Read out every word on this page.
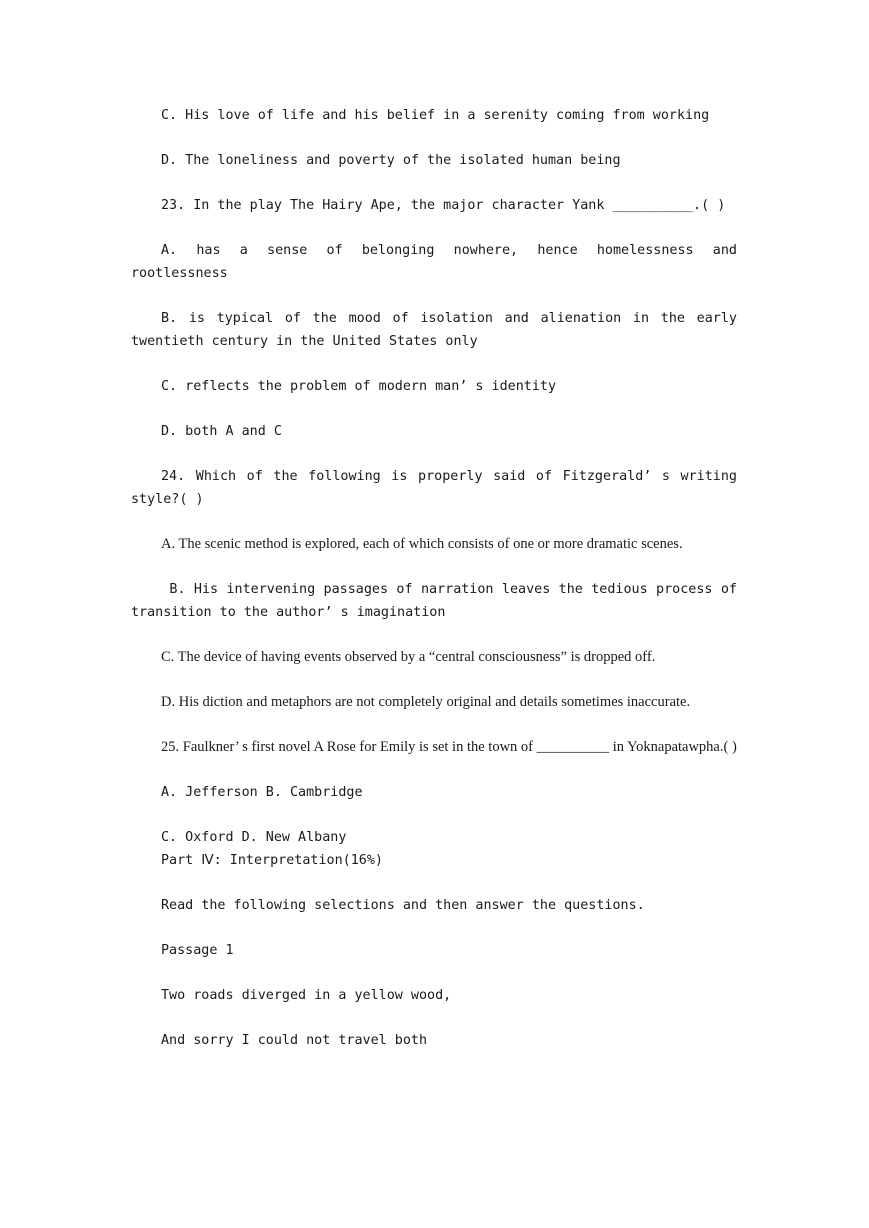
C. His love of life and his belief in a serenity coming from working

D. The loneliness and poverty of the isolated human being

23. In the play The Hairy Ape, the major character Yank __________.( )

A. has a sense of belonging nowhere, hence homelessness and rootlessness

B. is typical of the mood of isolation and alienation in the early twentieth century in the United States only

C. reflects the problem of modern man’ s identity

D. both A and C

24. Which of the following is properly said of Fitzgerald’ s writing style?( )

A. The scenic method is explored, each of which consists of one or more dramatic scenes.

B. His intervening passages of narration leaves the tedious process of transition to the author’ s imagination

C. The device of having events observed by a “central consciousness” is dropped off.

D. His diction and metaphors are not completely original and details sometimes inaccurate.

25. Faulkner’ s first novel A Rose for Emily is set in the town of __________ in Yoknapatawpha.( )

A. Jefferson B. Cambridge

C. Oxford D. New Albany

Part Ⅳ: Interpretation(16%)

Read the following selections and then answer the questions.

Passage 1

Two roads diverged in a yellow wood,

And sorry I could not travel both
